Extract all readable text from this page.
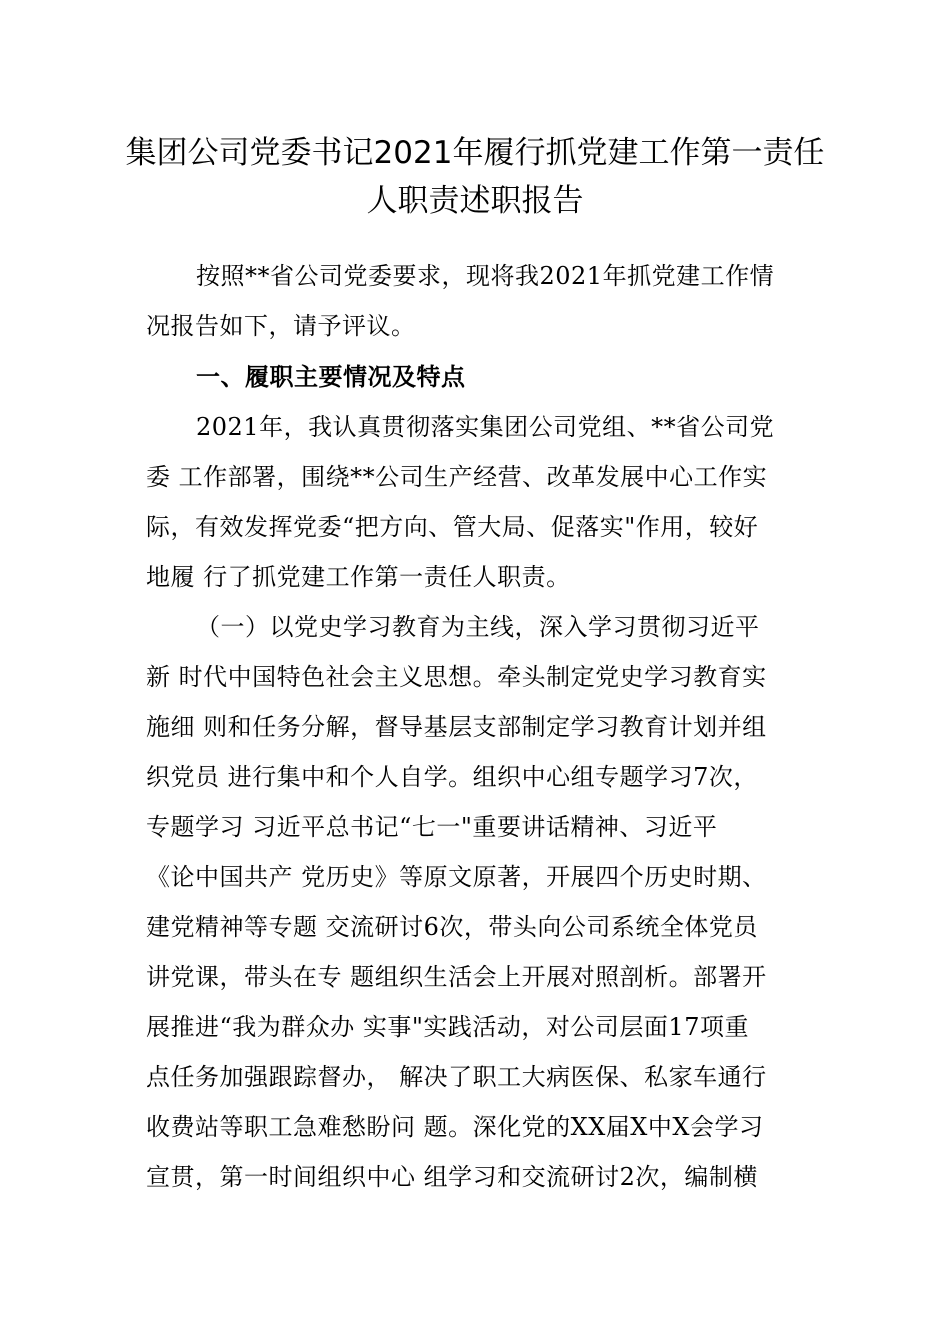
集团公司党委书记2021年履行抓党建工作第一责任
人职责述职报告
按照**省公司党委要求，现将我2021年抓党建工作情
况报告如下，请予评议。
一、履职主要情况及特点
2021年，我认真贯彻落实集团公司党组、**省公司党
委 工作部署，围绕**公司生产经营、改革发展中心工作实
际，有效发挥党委“把方向、管大局、促落实"作用，较好
地履 行了抓党建工作第一责任人职责。
（一）以党史学习教育为主线，深入学习贯彻习近平
新 时代中国特色社会主义思想。牵头制定党史学习教育实
施细 则和任务分解，督导基层支部制定学习教育计划并组
织党员 进行集中和个人自学。组织中心组专题学习7次，
专题学习 习近平总书记“七一"重要讲话精神、习近平
《论中国共产 党历史》等原文原著，开展四个历史时期、
建党精神等专题 交流研讨6次，带头向公司系统全体党员
讲党课，带头在专 题组织生活会上开展对照剖析。部署开
展推进“我为群众办 实事"实践活动，对公司层面17项重
点任务加强跟踪督办， 解决了职工大病医保、私家车通行
收费站等职工急难愁盼问 题。深化党的XX届X中X会学习
宣贯，第一时间组织中心 组学习和交流研讨2次，编制横
